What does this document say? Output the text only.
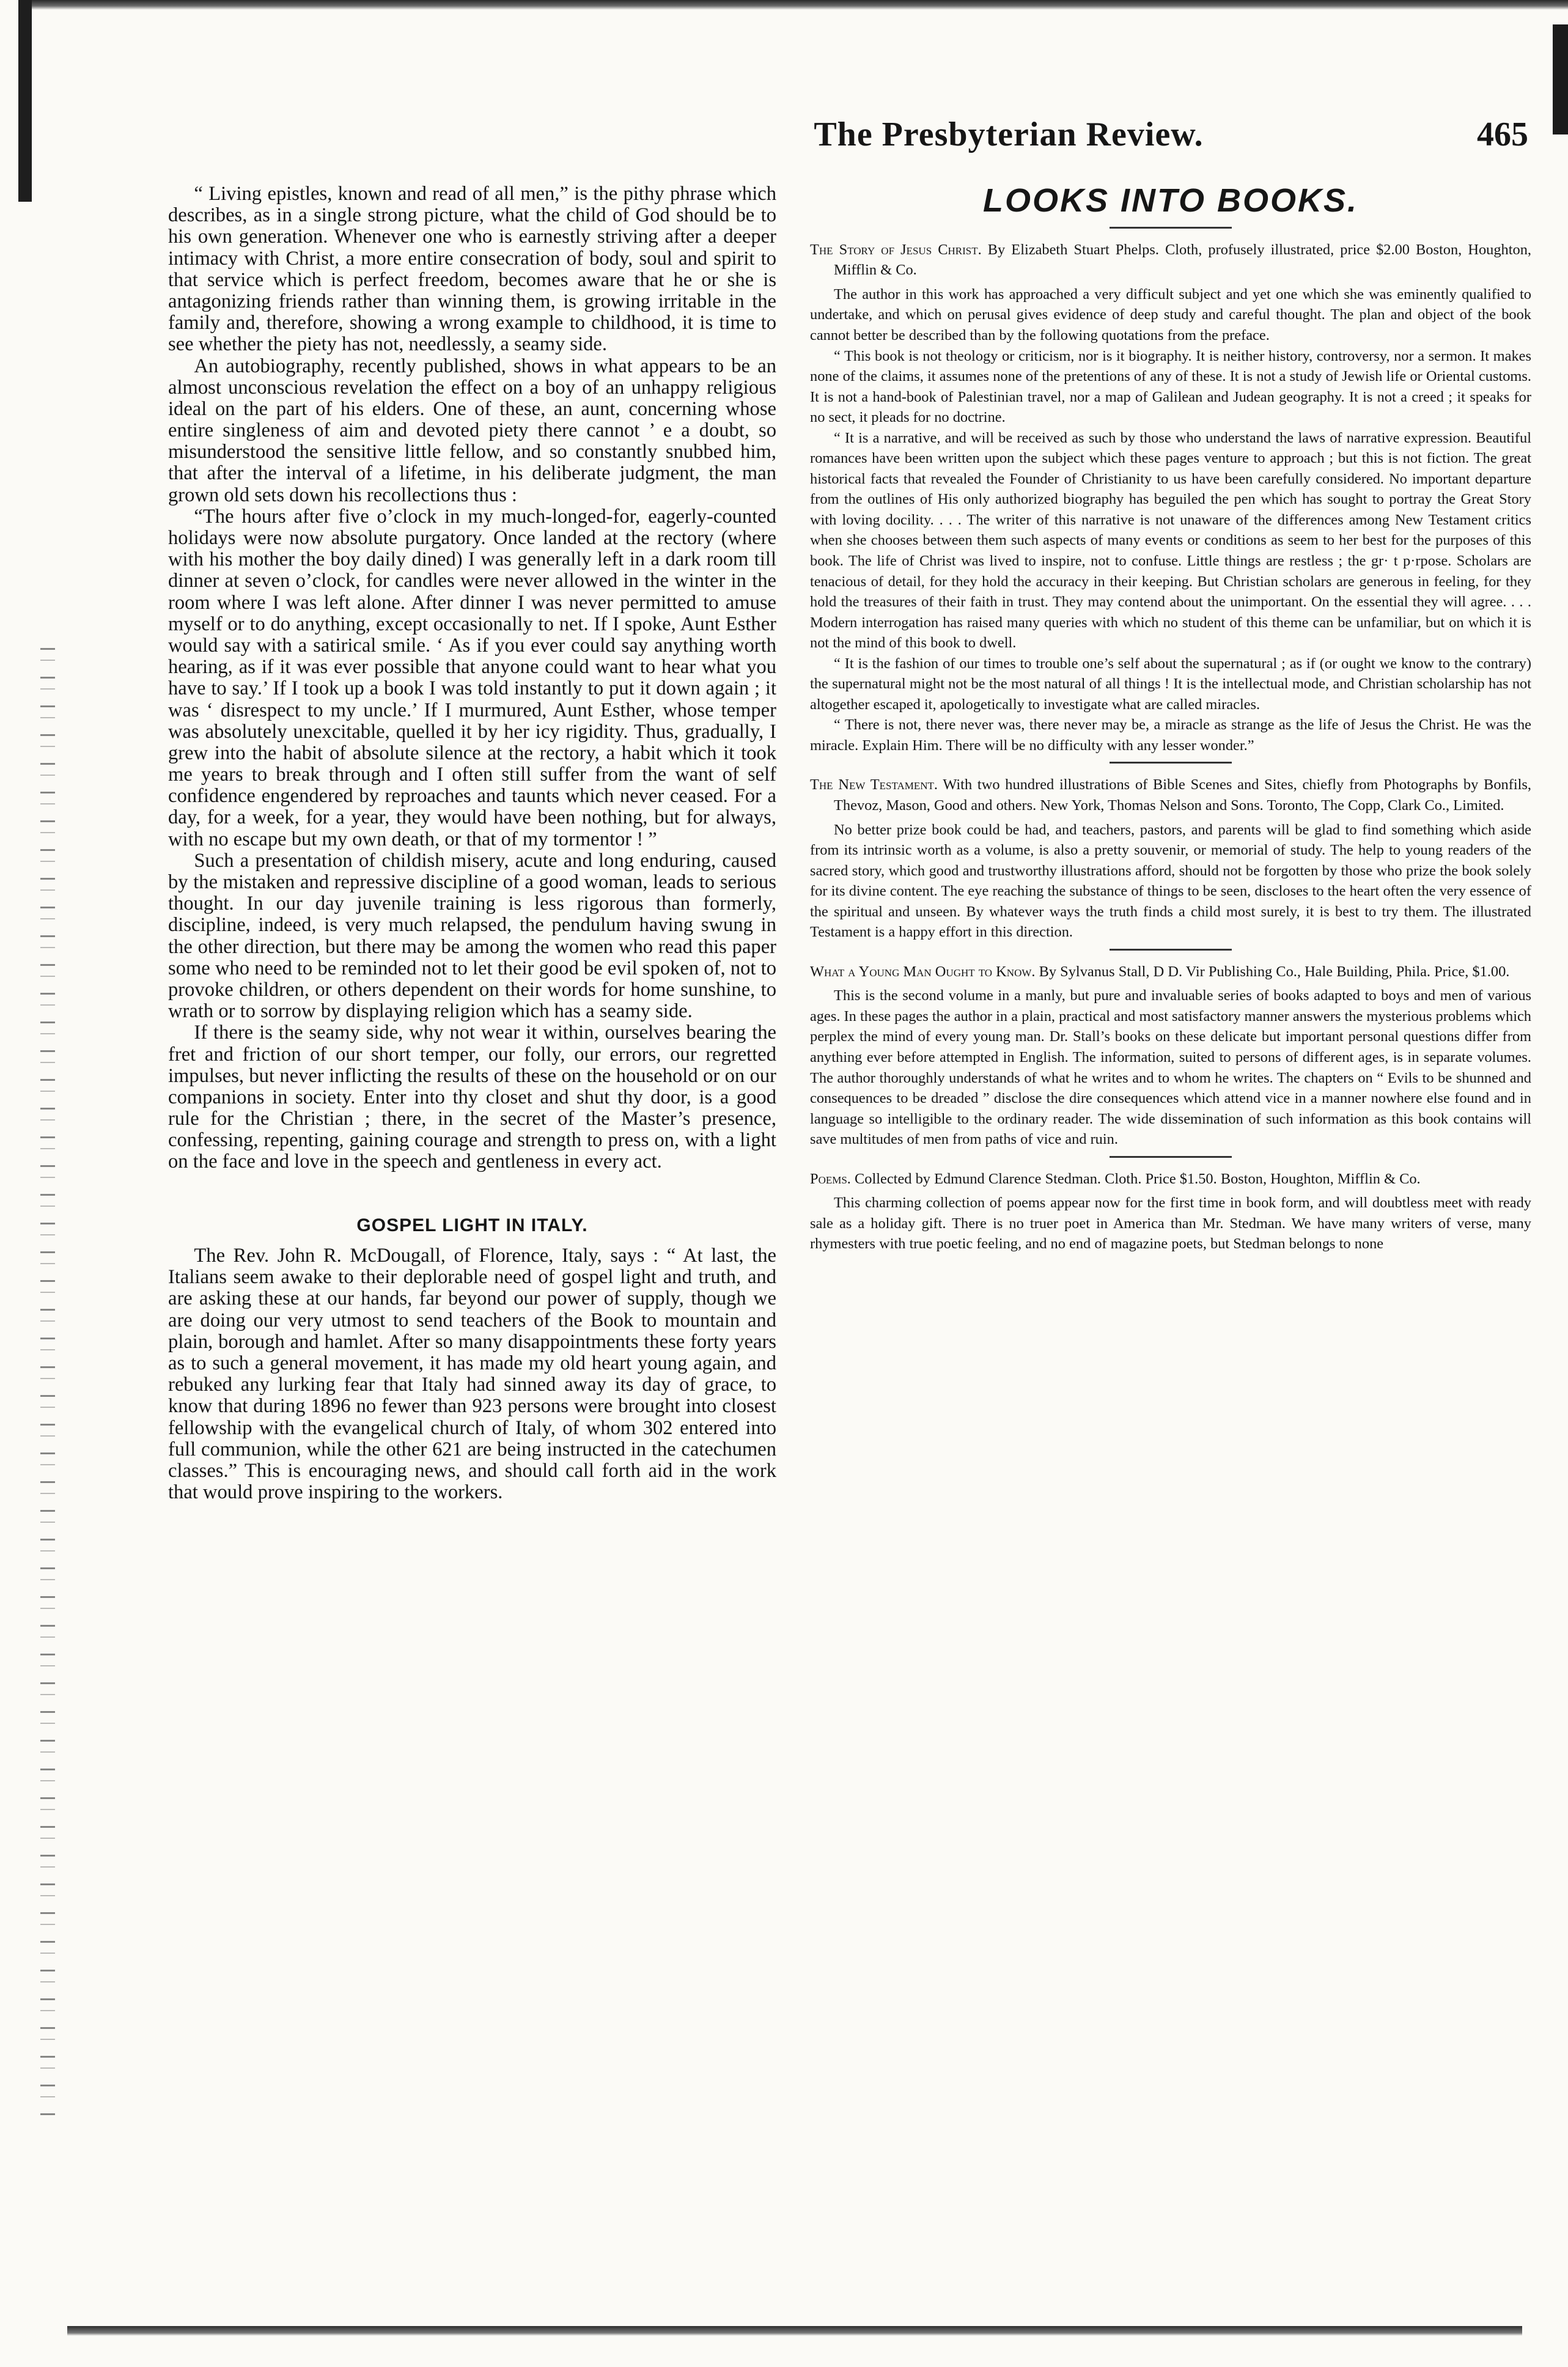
The Presbyterian Review.	465

“ Living epistles, known and read of all men,” is the pithy phrase which describes, as in a single strong picture, what the child of God should be to his own generation. Whenever one who is earnestly striving after a deeper intimacy with Christ, a more entire consecration of body, soul and spirit to that service which is perfect freedom, becomes aware that he or she is antagonizing friends rather than winning them, is growing irritable in the family and, therefore, showing a wrong example to childhood, it is time to see whether the piety has not, needlessly, a seamy side.

An autobiography, recently published, shows in what appears to be an almost unconscious revelation the effect on a boy of an unhappy religious ideal on the part of his elders. One of these, an aunt, concerning whose entire singleness of aim and devoted piety there cannot ’ e a doubt, so misunderstood the sensitive little fellow, and so constantly snubbed him, that after the interval of a lifetime, in his deliberate judgment, the man grown old sets down his recollections thus :

“The hours after five o’clock in my much-longed-for, eagerly-counted holidays were now absolute purgatory. Once landed at the rectory (where with his mother the boy daily dined) I was generally left in a dark room till dinner at seven o’clock, for candles were never allowed in the winter in the room where I was left alone. After dinner I was never permitted to amuse myself or to do anything, except occasionally to net. If I spoke, Aunt Esther would say with a satirical smile. ‘ As if you ever could say anything worth hearing, as if it was ever possible that anyone could want to hear what you have to say.’ If I took up a book I was told instantly to put it down again ; it was ‘ disrespect to my uncle.’ If I murmured, Aunt Esther, whose temper was absolutely unexcitable, quelled it by her icy rigidity. Thus, gradually, I grew into the habit of absolute silence at the rectory, a habit which it took me years to break through and I often still suffer from the want of self confidence engendered by reproaches and taunts which never ceased. For a day, for a week, for a year, they would have been nothing, but for always, with no escape but my own death, or that of my tormentor ! ”

Such a presentation of childish misery, acute and long enduring, caused by the mistaken and repressive discipline of a good woman, leads to serious thought. In our day juvenile training is less rigorous than formerly, discipline, indeed, is very much relapsed, the pendulum having swung in the other direction, but there may be among the women who read this paper some who need to be reminded not to let their good be evil spoken of, not to provoke children, or others dependent on their words for home sunshine, to wrath or to sorrow by displaying religion which has a seamy side.

If there is the seamy side, why not wear it within, ourselves bearing the fret and friction of our short temper, our folly, our errors, our regretted impulses, but never inflicting the results of these on the household or on our companions in society. Enter into thy closet and shut thy door, is a good rule for the Christian ; there, in the secret of the Master’s presence, confessing, repenting, gaining courage and strength to press on, with a light on the face and love in the speech and gentleness in every act.

GOSPEL LIGHT IN ITALY.

The Rev. John R. McDougall, of Florence, Italy, says : “ At last, the Italians seem awake to their deplorable need of gospel light and truth, and are asking these at our hands, far beyond our power of supply, though we are doing our very utmost to send teachers of the Book to mountain and plain, borough and hamlet. After so many disappointments these forty years as to such a general movement, it has made my old heart young again, and rebuked any lurking fear that Italy had sinned away its day of grace, to know that during 1896 no fewer than 923 persons were brought into closest fellowship with the evangelical church of Italy, of whom 302 entered into full communion, while the other 621 are being instructed in the catechumen classes.” This is encouraging news, and should call forth aid in the work that would prove inspiring to the workers.

LOOKS INTO BOOKS.

The Story of Jesus Christ. By Elizabeth Stuart Phelps. Cloth, profusely illustrated, price $2.00 Boston, Houghton, Mifflin & Co.

The author in this work has approached a very difficult subject and yet one which she was eminently qualified to undertake, and which on perusal gives evidence of deep study and careful thought. The plan and object of the book cannot better be described than by the following quotations from the preface.

“ This book is not theology or criticism, nor is it biography. It is neither history, controversy, nor a sermon. It makes none of the claims, it assumes none of the pretentions of any of these. It is not a study of Jewish life or Oriental customs. It is not a hand-book of Palestinian travel, nor a map of Galilean and Judean geography. It is not a creed ; it speaks for no sect, it pleads for no doctrine.

“ It is a narrative, and will be received as such by those who understand the laws of narrative expression. Beautiful romances have been written upon the subject which these pages venture to approach ; but this is not fiction. The great historical facts that revealed the Founder of Christianity to us have been carefully considered. No important departure from the outlines of His only authorized biography has beguiled the pen which has sought to portray the Great Story with loving docility. . . . The writer of this narrative is not unaware of the differences among New Testament critics when she chooses between them such aspects of many events or conditions as seem to her best for the purposes of this book. The life of Christ was lived to inspire, not to confuse. Little things are restless ; the gr· t p·rpose. Scholars are tenacious of detail, for they hold the accuracy in their keeping. But Christian scholars are generous in feeling, for they hold the treasures of their faith in trust. They may contend about the unimportant. On the essential they will agree. . . . Modern interrogation has raised many queries with which no student of this theme can be unfamiliar, but on which it is not the mind of this book to dwell.

“ It is the fashion of our times to trouble one’s self about the supernatural ; as if (or ought we know to the contrary) the supernatural might not be the most natural of all things ! It is the intellectual mode, and Christian scholarship has not altogether escaped it, apologetically to investigate what are called miracles.

“ There is not, there never was, there never may be, a miracle as strange as the life of Jesus the Christ. He was the miracle. Explain Him. There will be no difficulty with any lesser wonder.”

The New Testament. With two hundred illustrations of Bible Scenes and Sites, chiefly from Photographs by Bonfils, Thevoz, Mason, Good and others. New York, Thomas Nelson and Sons. Toronto, The Copp, Clark Co., Limited.

No better prize book could be had, and teachers, pastors, and parents will be glad to find something which aside from its intrinsic worth as a volume, is also a pretty souvenir, or memorial of study. The help to young readers of the sacred story, which good and trustworthy illustrations afford, should not be forgotten by those who prize the book solely for its divine content. The eye reaching the substance of things to be seen, discloses to the heart often the very essence of the spiritual and unseen. By whatever ways the truth finds a child most surely, it is best to try them. The illustrated Testament is a happy effort in this direction.

What a Young Man Ought to Know. By Sylvanus Stall, D D. Vir Publishing Co., Hale Building, Phila. Price, $1.00.

This is the second volume in a manly, but pure and invaluable series of books adapted to boys and men of various ages. In these pages the author in a plain, practical and most satisfactory manner answers the mysterious problems which perplex the mind of every young man. Dr. Stall’s books on these delicate but important personal questions differ from anything ever before attempted in English. The information, suited to persons of different ages, is in separate volumes. The author thoroughly understands of what he writes and to whom he writes. The chapters on “ Evils to be shunned and consequences to be dreaded ” disclose the dire consequences which attend vice in a manner nowhere else found and in language so intelligible to the ordinary reader. The wide dissemination of such information as this book contains will save multitudes of men from paths of vice and ruin.

Poems. Collected by Edmund Clarence Stedman. Cloth. Price $1.50. Boston, Houghton, Mifflin & Co.

This charming collection of poems appear now for the first time in book form, and will doubtless meet with ready sale as a holiday gift. There is no truer poet in America than Mr. Stedman. We have many writers of verse, many rhymesters with true poetic feeling, and no end of magazine poets, but Stedman belongs to none
